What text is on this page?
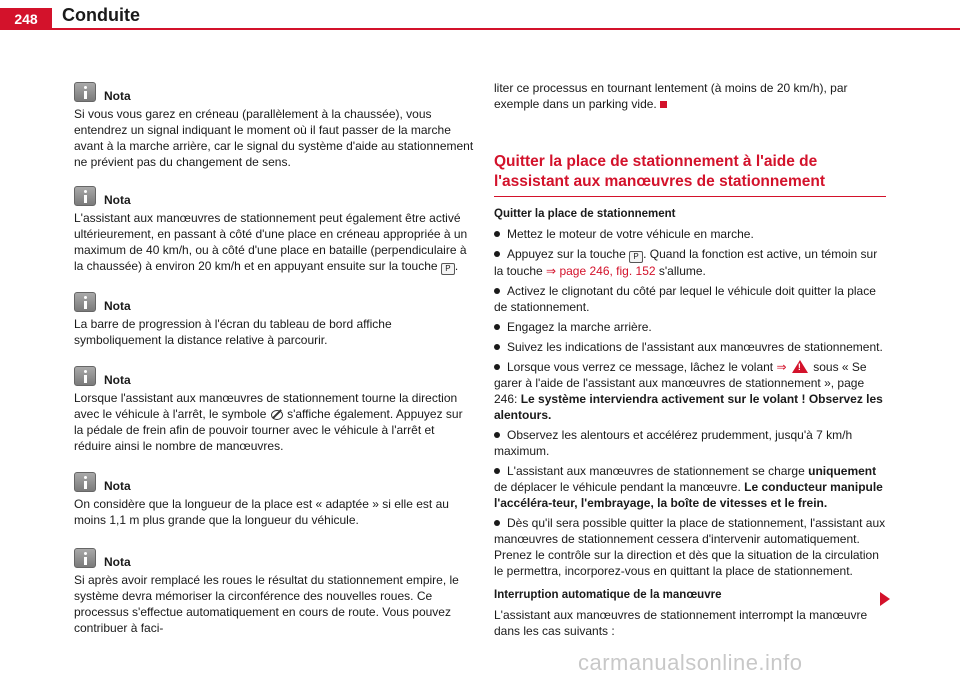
248	Conduite
Nota

Si vous vous garez en créneau (parallèlement à la chaussée), vous entendrez un signal indiquant le moment où il faut passer de la marche avant à la marche arrière, car le signal du système d'aide au stationnement ne prévient pas du changement de sens.

Nota

L'assistant aux manœuvres de stationnement peut également être activé ultérieurement, en passant à côté d'une place en créneau appropriée à un maximum de 40 km/h, ou à côté d'une place en bataille (perpendiculaire à la chaussée) à environ 20 km/h et en appuyant ensuite sur la touche P .

Nota

La barre de progression à l'écran du tableau de bord affiche symboliquement la distance relative à parcourir.

Nota

Lorsque l'assistant aux manœuvres de stationnement tourne la direction avec le véhicule à l'arrêt, le symbole s'affiche également. Appuyez sur la pédale de frein afin de pouvoir tourner avec le véhicule à l'arrêt et réduire ainsi le nombre de manœuvres.

Nota

On considère que la longueur de la place est « adaptée » si elle est au moins 1,1 m plus grande que la longueur du véhicule.

Nota

Si après avoir remplacé les roues le résultat du stationnement empire, le système devra mémoriser la circonférence des nouvelles roues. Ce processus s'effectue automatiquement en cours de route. Vous pouvez contribuer à faci-

liter ce processus en tournant lentement (à moins de 20 km/h), par exemple dans un parking vide.

Quitter la place de stationnement à l'aide de l'assistant aux manœuvres de stationnement

Quitter la place de stationnement

Mettez le moteur de votre véhicule en marche.

Appuyez sur la touche P . Quand la fonction est active, un témoin sur la touche ⇒ page 246, fig. 152 s'allume.

Activez le clignotant du côté par lequel le véhicule doit quitter la place de stationnement.

Engagez la marche arrière.

Suivez les indications de l'assistant aux manœuvres de stationnement.

Lorsque vous verrez ce message, lâchez le volant ⇒ ! sous « Se garer à l'aide de l'assistant aux manœuvres de stationnement », page 246: Le système interviendra activement sur le volant ! Observez les alentours.

Observez les alentours et accélérez prudemment, jusqu'à 7 km/h maximum.

L'assistant aux manœuvres de stationnement se charge uniquement de déplacer le véhicule pendant la manœuvre. Le conducteur manipule l'accéléra-teur, l'embrayage, la boîte de vitesses et le frein.

Dès qu'il sera possible quitter la place de stationnement, l'assistant aux manœuvres de stationnement cessera d'intervenir automatiquement. Prenez le contrôle sur la direction et dès que la situation de la circulation le permettra, incorporez-vous en quittant la place de stationnement.

Interruption automatique de la manœuvre

L'assistant aux manœuvres de stationnement interrompt la manœuvre dans les cas suivants :

carmanualsonline.info
